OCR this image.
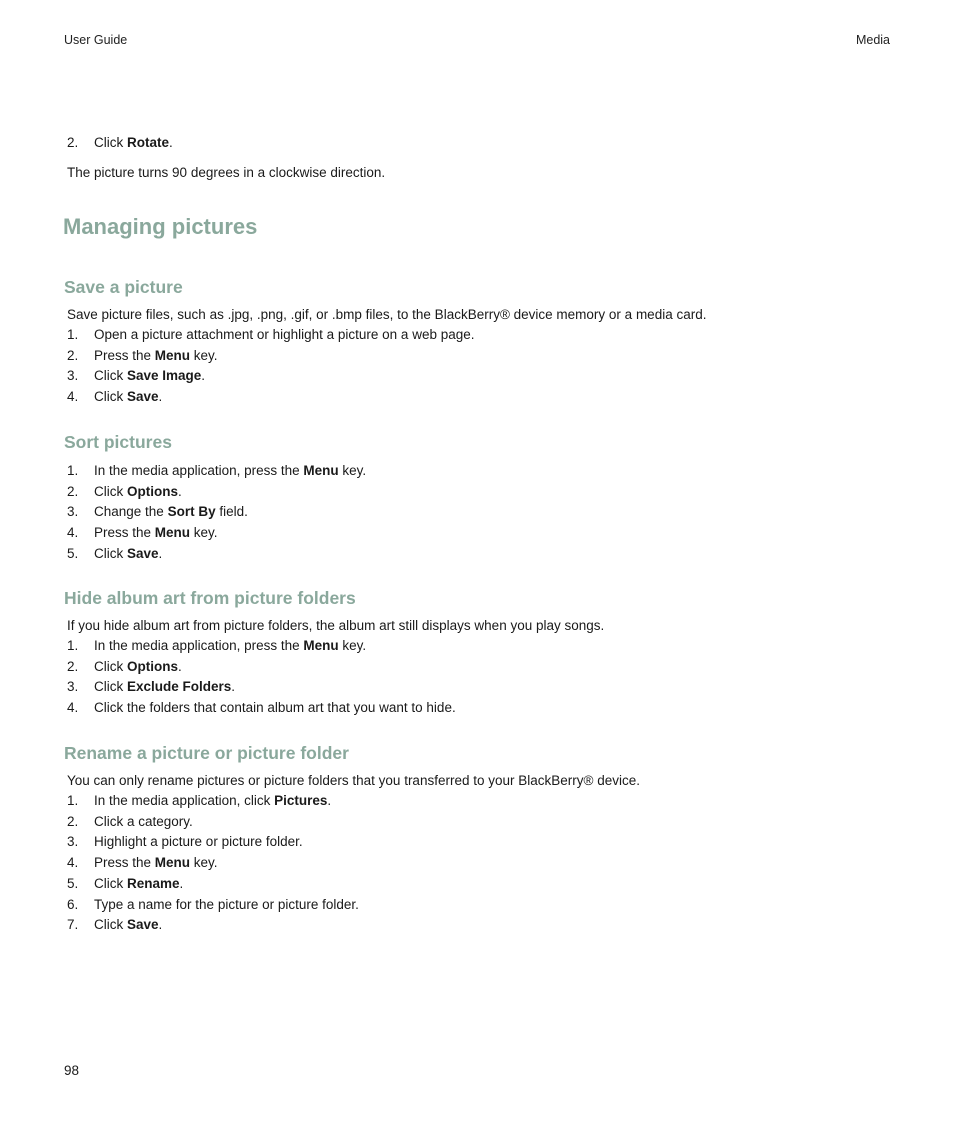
User Guide	Media
2.	Click Rotate.
The picture turns 90 degrees in a clockwise direction.
Managing pictures
Save a picture
Save picture files, such as .jpg, .png, .gif, or .bmp files, to the BlackBerry® device memory or a media card.
1.	Open a picture attachment or highlight a picture on a web page.
2.	Press the Menu key.
3.	Click Save Image.
4.	Click Save.
Sort pictures
1.	In the media application, press the Menu key.
2.	Click Options.
3.	Change the Sort By field.
4.	Press the Menu key.
5.	Click Save.
Hide album art from picture folders
If you hide album art from picture folders, the album art still displays when you play songs.
1.	In the media application, press the Menu key.
2.	Click Options.
3.	Click Exclude Folders.
4.	Click the folders that contain album art that you want to hide.
Rename a picture or picture folder
You can only rename pictures or picture folders that you transferred to your BlackBerry® device.
1.	In the media application, click Pictures.
2.	Click a category.
3.	Highlight a picture or picture folder.
4.	Press the Menu key.
5.	Click Rename.
6.	Type a name for the picture or picture folder.
7.	Click Save.
98
